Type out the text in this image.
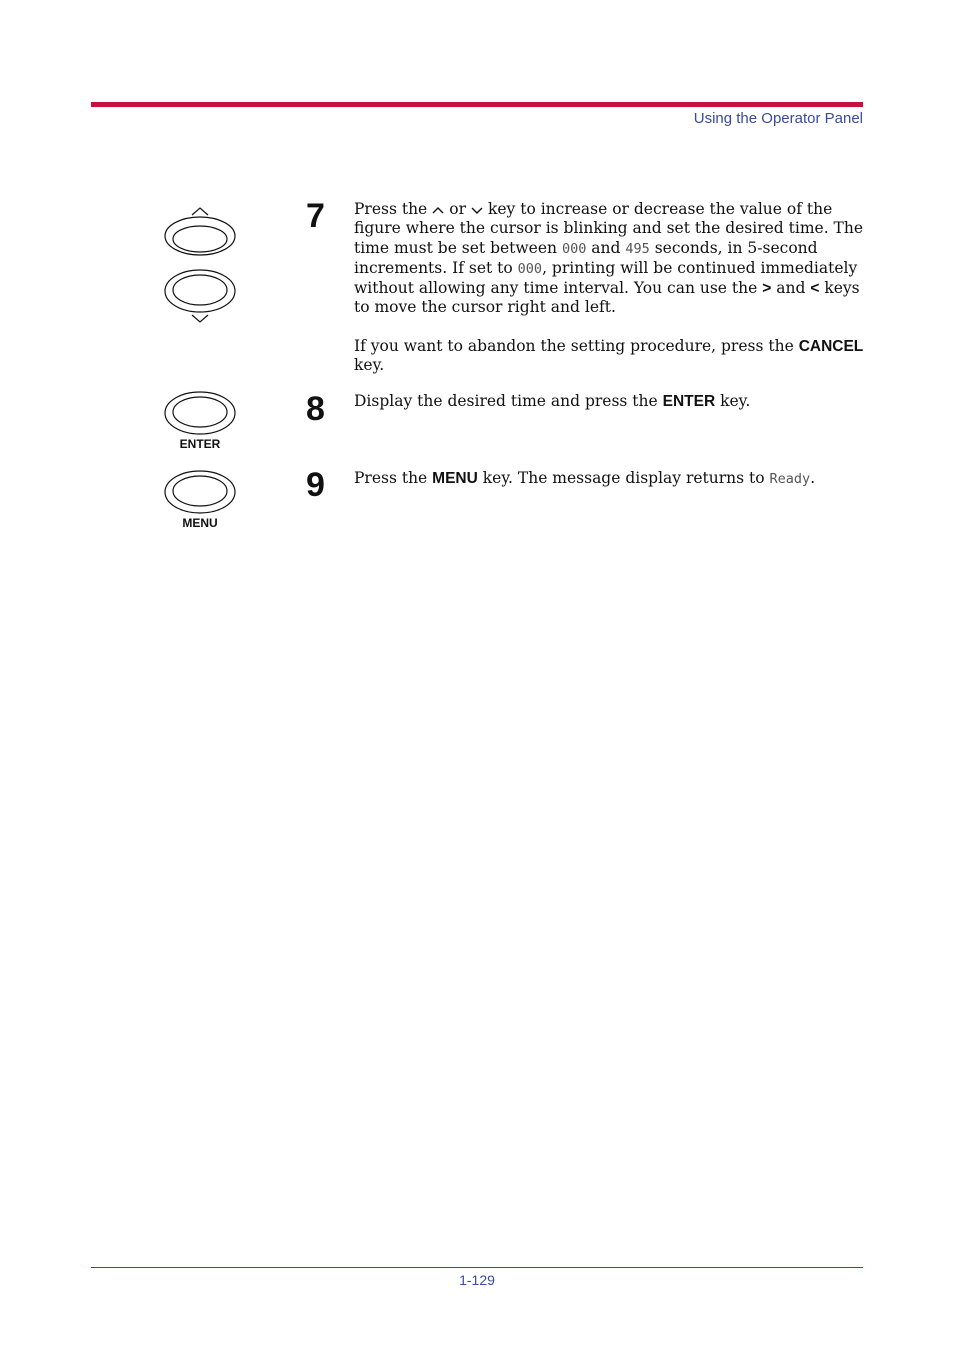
Using the Operator Panel
ENTER
MENU
7	Press the or key to increase or decrease the value of the figure where the cursor is blinking and set the desired time. The time must be set between 000 and 495 seconds, in 5-second increments. If set to 000, printing will be continued immediately without allowing any time interval. You can use the > and < keys to move the cursor right and left.

If you want to abandon the setting procedure, press the CANCEL key.

8	Display the desired time and press the ENTER key.

9	Press the MENU key. The message display returns to Ready.

1-129
